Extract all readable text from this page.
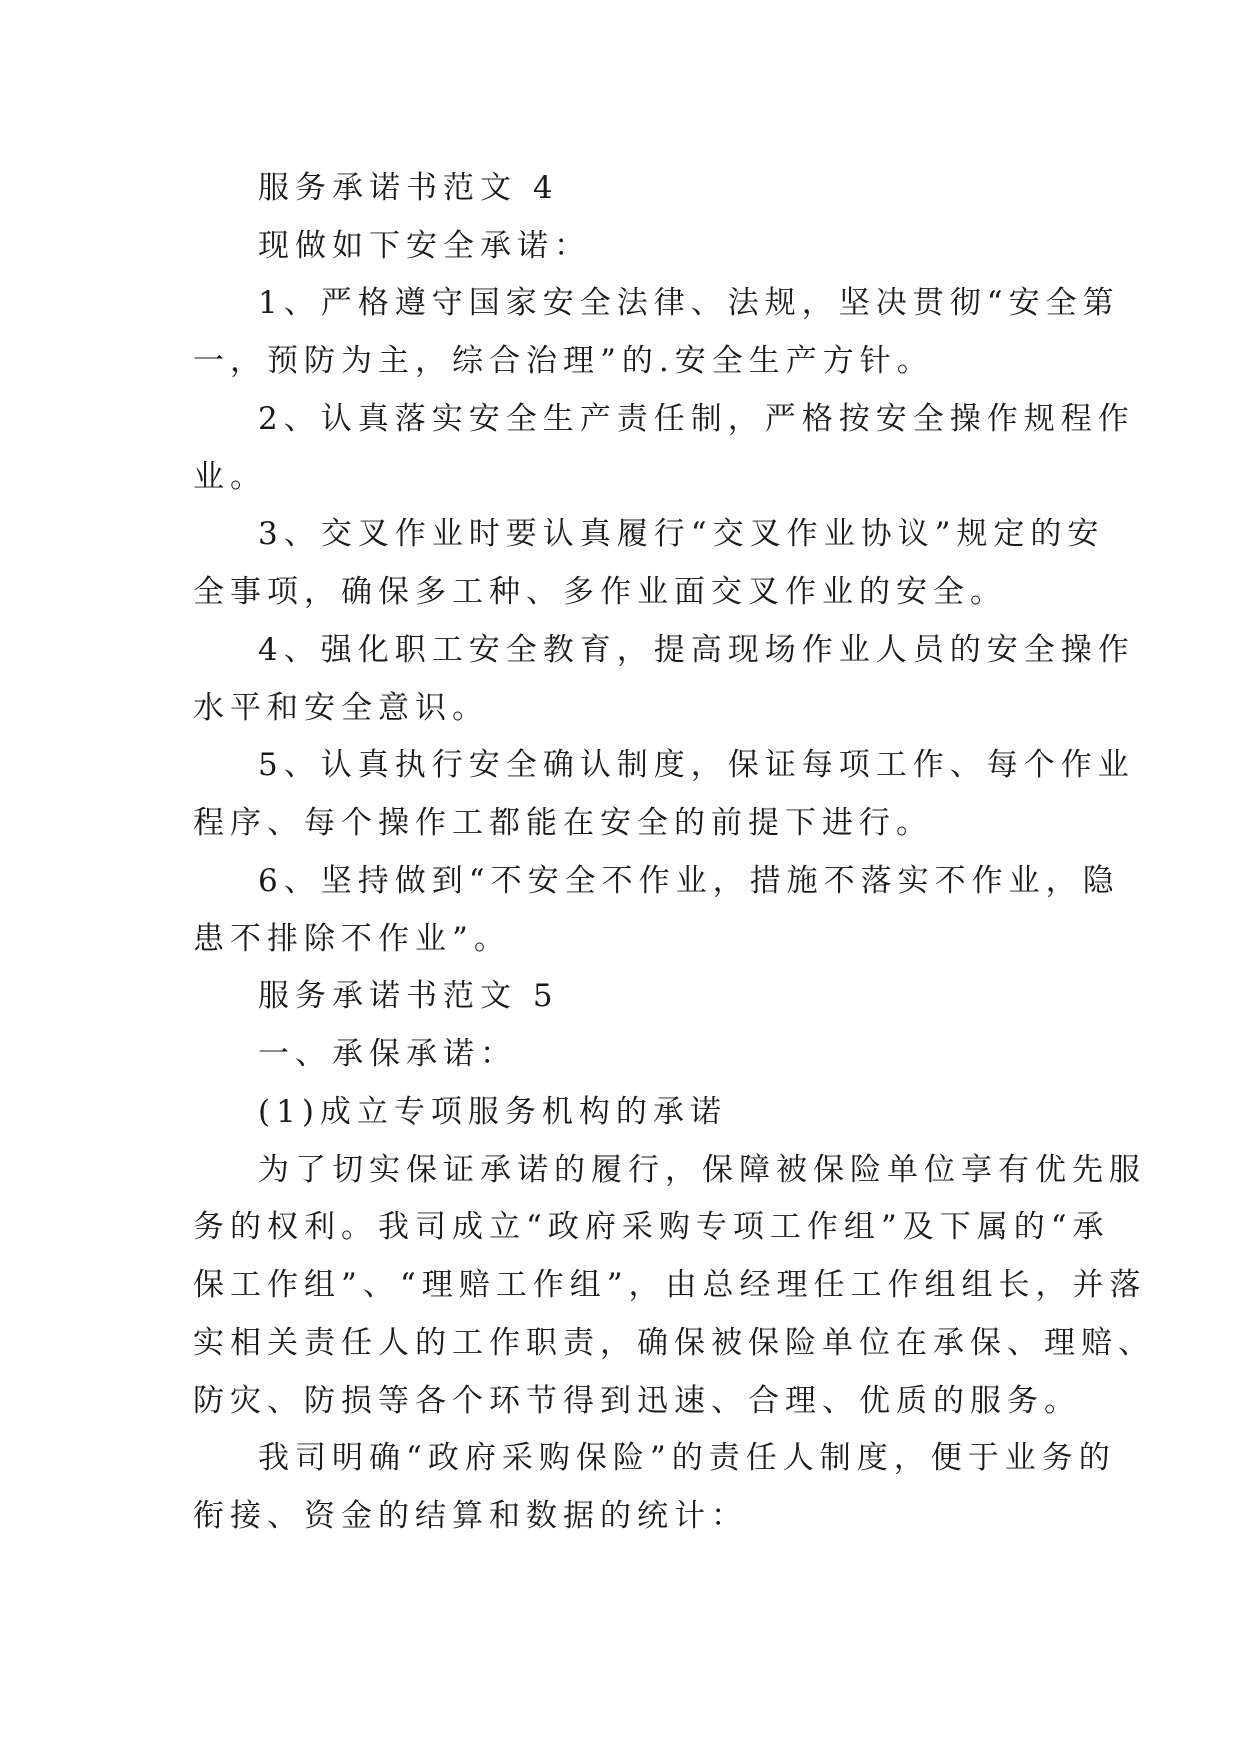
服务承诺书范文 4
现做如下安全承诺：
1、严格遵守国家安全法律、法规，坚决贯彻“安全第
一，预防为主，综合治理”的.安全生产方针。
2、认真落实安全生产责任制，严格按安全操作规程作
业。
3、交叉作业时要认真履行“交叉作业协议”规定的安
全事项，确保多工种、多作业面交叉作业的安全。
4、强化职工安全教育，提高现场作业人员的安全操作
水平和安全意识。
5、认真执行安全确认制度，保证每项工作、每个作业
程序、每个操作工都能在安全的前提下进行。
6、坚持做到“不安全不作业，措施不落实不作业，隐
患不排除不作业”。
服务承诺书范文 5
一、承保承诺：
(1)成立专项服务机构的承诺
为了切实保证承诺的履行，保障被保险单位享有优先服
务的权利。我司成立“政府采购专项工作组”及下属的“承
保工作组”、“理赔工作组”，由总经理任工作组组长，并落
实相关责任人的工作职责，确保被保险单位在承保、理赔、
防灾、防损等各个环节得到迅速、合理、优质的服务。
我司明确“政府采购保险”的责任人制度，便于业务的
衔接、资金的结算和数据的统计：
